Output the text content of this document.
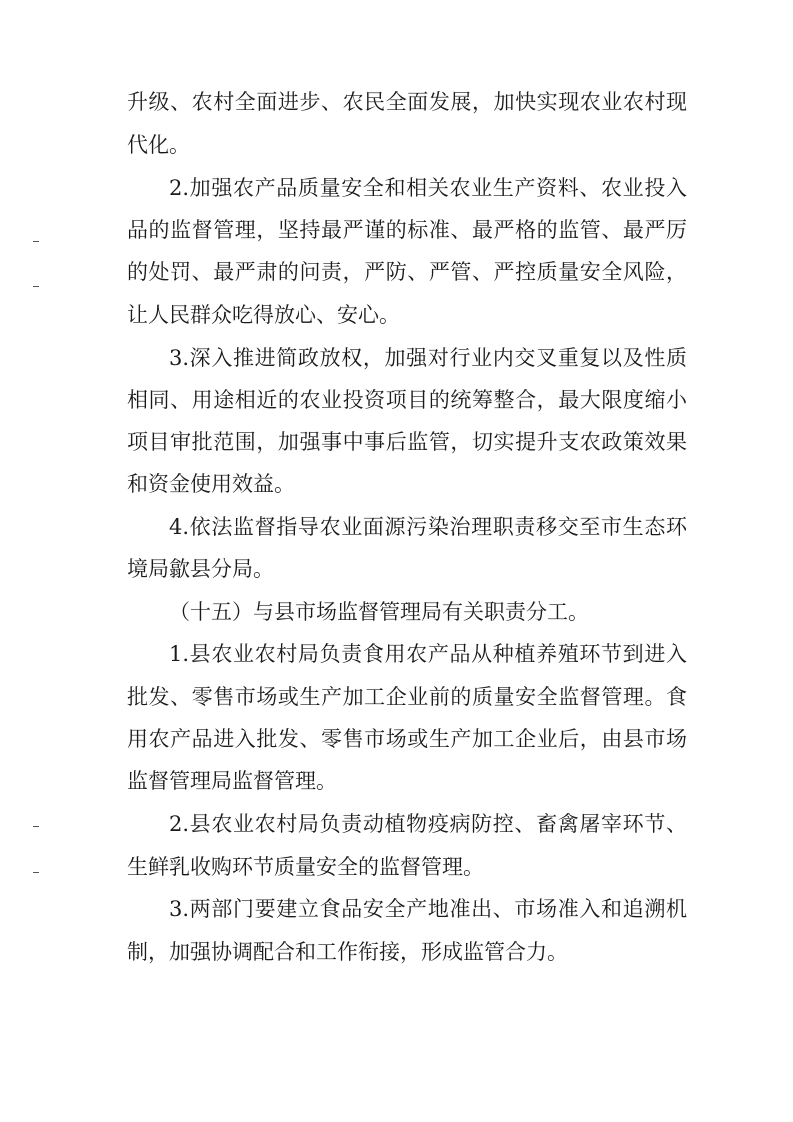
升级、农村全面进步、农民全面发展，加快实现农业农村现
代化。
2.加强农产品质量安全和相关农业生产资料、农业投入
品的监督管理，坚持最严谨的标准、最严格的监管、最严厉
的处罚、最严肃的问责，严防、严管、严控质量安全风险，
让人民群众吃得放心、安心。
3.深入推进简政放权，加强对行业内交叉重复以及性质
相同、用途相近的农业投资项目的统筹整合，最大限度缩小
项目审批范围，加强事中事后监管，切实提升支农政策效果
和资金使用效益。
4.依法监督指导农业面源污染治理职责移交至市生态环
境局歙县分局。
（十五）与县市场监督管理局有关职责分工。
1.县农业农村局负责食用农产品从种植养殖环节到进入
批发、零售市场或生产加工企业前的质量安全监督管理。食
用农产品进入批发、零售市场或生产加工企业后，由县市场
监督管理局监督管理。
2.县农业农村局负责动植物疫病防控、畜禽屠宰环节、
生鲜乳收购环节质量安全的监督管理。
3.两部门要建立食品安全产地准出、市场准入和追溯机
制，加强协调配合和工作衔接，形成监管合力。
